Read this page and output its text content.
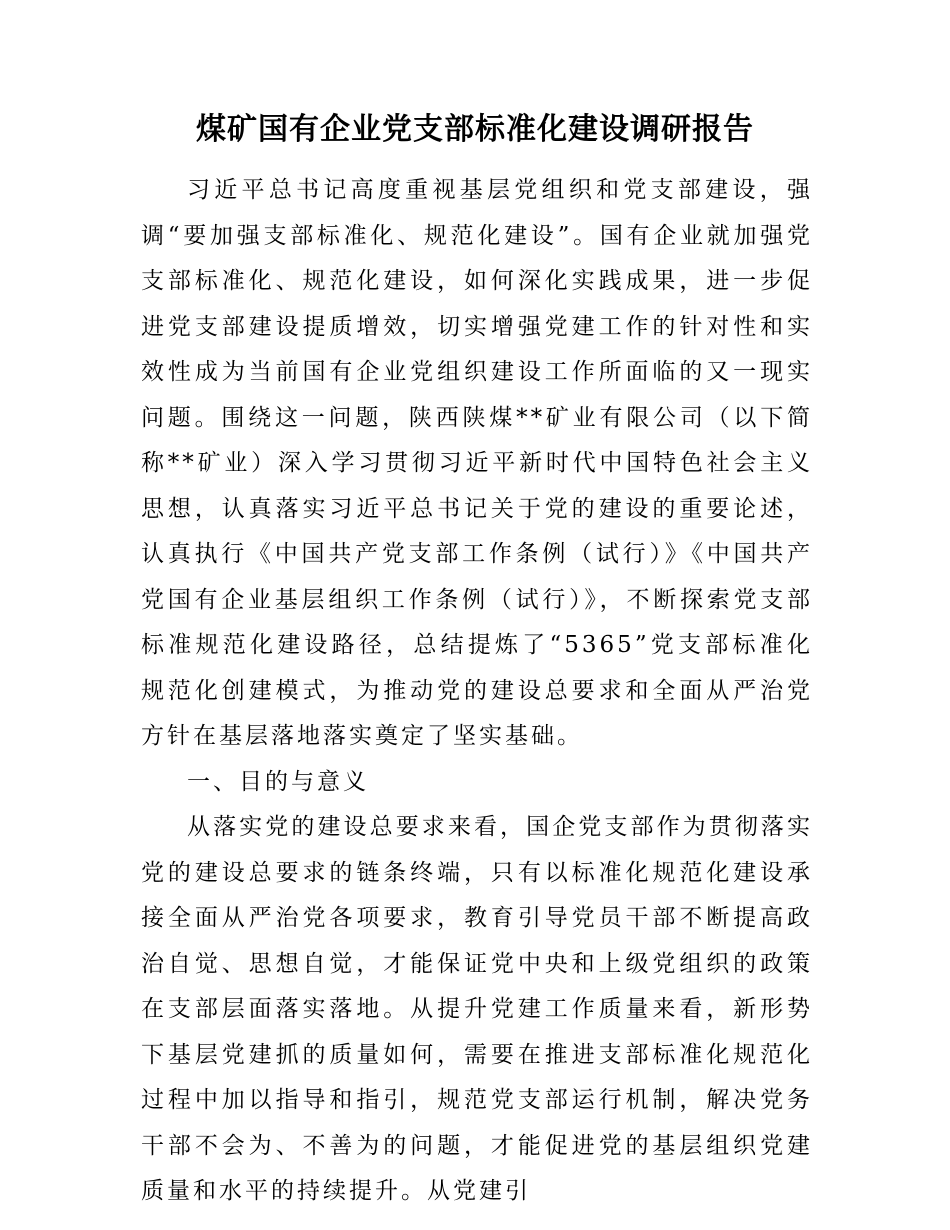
煤矿国有企业党支部标准化建设调研报告

习近平总书记高度重视基层党组织和党支部建设，强调“要加强支部标准化、规范化建设”。国有企业就加强党支部标准化、规范化建设，如何深化实践成果，进一步促进党支部建设提质增效，切实增强党建工作的针对性和实效性成为当前国有企业党组织建设工作所面临的又一现实问题。围绕这一问题，陕西陕煤**矿业有限公司（以下简称**矿业）深入学习贯彻习近平新时代中国特色社会主义思想，认真落实习近平总书记关于党的建设的重要论述，认真执行《中国共产党支部工作条例（试行）》《中国共产党国有企业基层组织工作条例（试行）》，不断探索党支部标准规范化建设路径，总结提炼了“5365”党支部标准化规范化创建模式，为推动党的建设总要求和全面从严治党方针在基层落地落实奠定了坚实基础。

一、目的与意义

从落实党的建设总要求来看，国企党支部作为贯彻落实党的建设总要求的链条终端，只有以标准化规范化建设承接全面从严治党各项要求，教育引导党员干部不断提高政治自觉、思想自觉，才能保证党中央和上级党组织的政策在支部层面落实落地。从提升党建工作质量来看，新形势下基层党建抓的质量如何，需要在推进支部标准化规范化过程中加以指导和指引，规范党支部运行机制，解决党务干部不会为、不善为的问题，才能促进党的基层组织党建质量和水平的持续提升。从党建引
